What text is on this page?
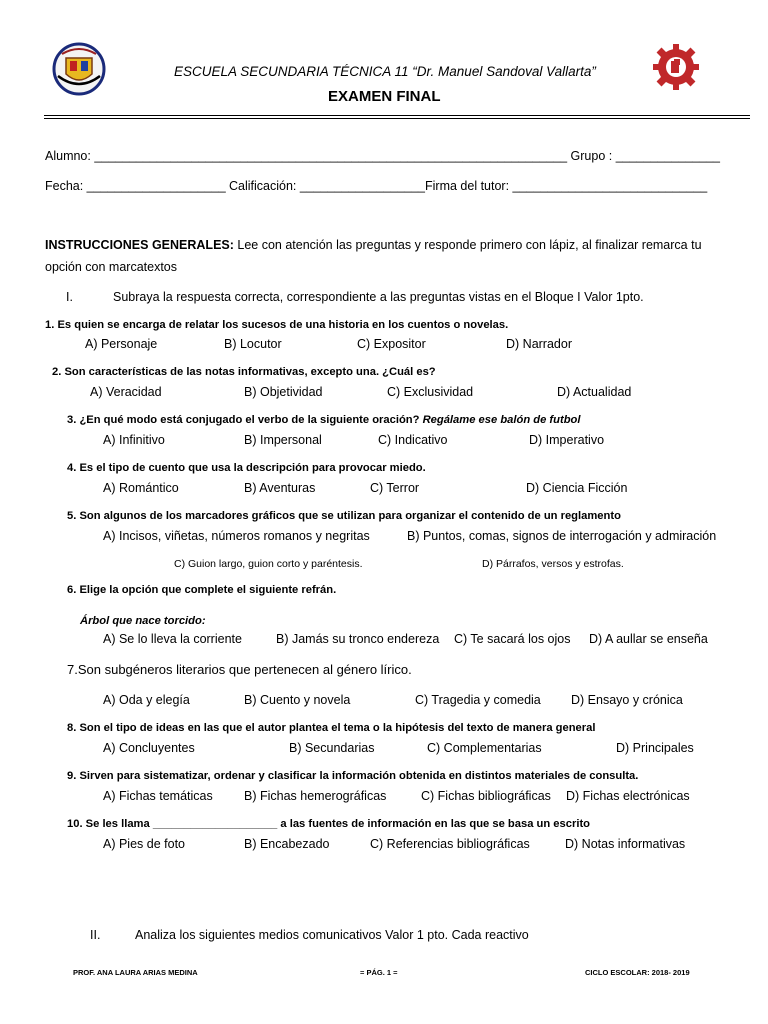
ESCUELA SECUNDARIA TÉCNICA 11 “Dr. Manuel Sandoval Vallarta”
EXAMEN FINAL
Alumno: ____________________________________________________________________ Grupo : _______________
Fecha: ____________________ Calificación: __________________ Firma del tutor: ____________________________
INSTRUCCIONES GENERALES: Lee con atención las preguntas y responde primero con lápiz, al finalizar remarca tu
opción con marcatextos
I.	Subraya la respuesta correcta, correspondiente a las preguntas vistas en el Bloque I Valor 1pto.
1. Es quien se encarga de relatar los sucesos de una historia en los cuentos o novelas.
A) Personaje	B) Locutor	C) Expositor	D) Narrador
2. Son características de las notas informativas, excepto una. ¿Cuál es?
A) Veracidad	B) Objetividad	C) Exclusividad	D) Actualidad
3. ¿En qué modo está conjugado el verbo de la siguiente oración? Regálame ese balón de futbol
A) Infinitivo	B) Impersonal	C) Indicativo	D) Imperativo
4. Es el tipo de cuento que usa la descripción para provocar miedo.
A) Romántico	B) Aventuras	C) Terror	D) Ciencia Ficción
5. Son algunos de los marcadores gráficos que se utilizan para organizar el contenido de un reglamento
A) Incisos, viñetas, números romanos y negritas	B) Puntos, comas, signos de interrogación y admiración
C) Guion largo, guion corto y paréntesis.	D) Párrafos, versos y estrofas.
6. Elige la opción que complete el siguiente refrán.
Árbol que nace torcido:
A) Se lo lleva la corriente	B) Jamás su tronco endereza C) Te sacará los ojos D) A aullar se enseña
7.Son subgéneros literarios que pertenecen al género lírico.
A) Oda y elegía	B) Cuento y novela	C) Tragedia y comedia D) Ensayo y crónica
8. Son el tipo de ideas en las que el autor plantea el tema o la hipótesis del texto de manera general
A) Concluyentes	B) Secundarias	C) Complementarias	D) Principales
9. Sirven para sistematizar, ordenar y clasificar la información obtenida en distintos materiales de consulta.
A) Fichas temáticas B) Fichas hemerográficas	C) Fichas bibliográficas D) Fichas electrónicas
10. Se les llama ____________________ a las fuentes de información en las que se basa un escrito
A) Pies de foto	B) Encabezado	C) Referencias bibliográficas	D) Notas informativas
II.	Analiza los siguientes medios comunicativos Valor 1 pto. Cada reactivo
PROF. ANA LAURA ARIAS MEDINA	= PÁG. 1 =	CICLO ESCOLAR: 2018- 2019
